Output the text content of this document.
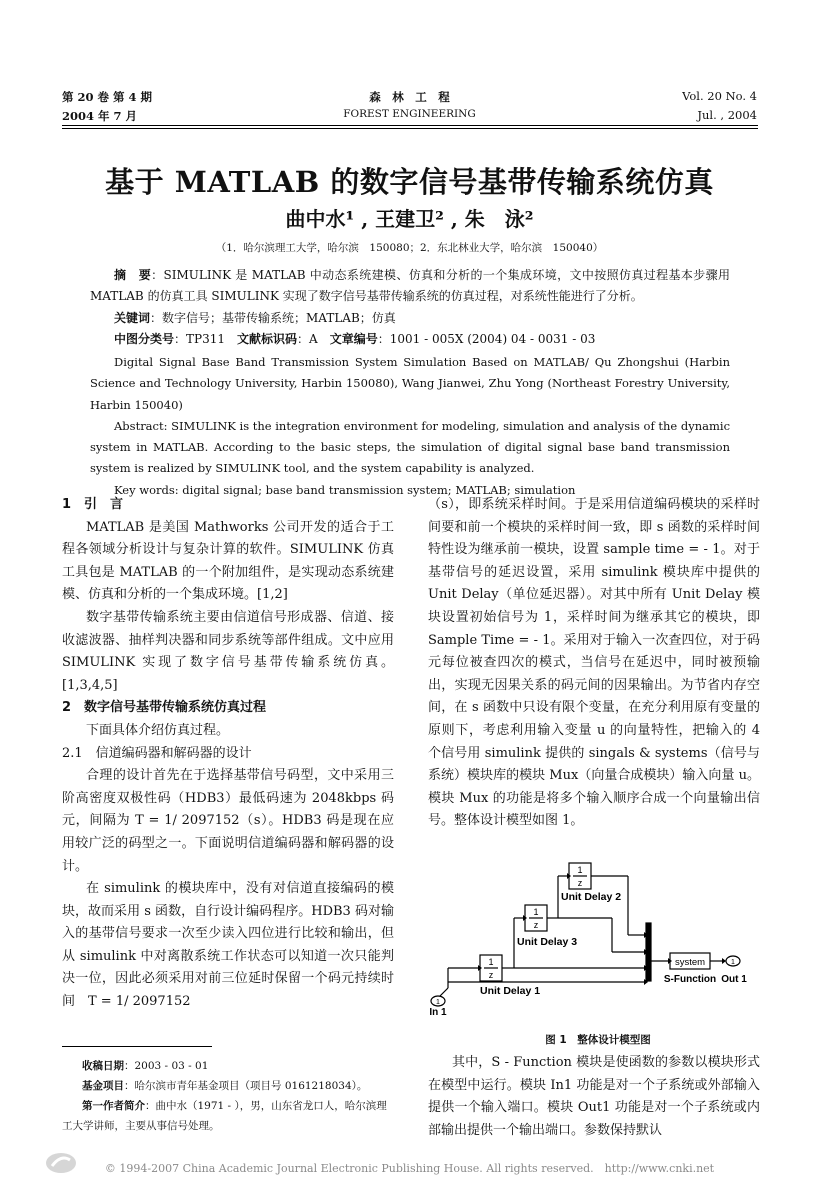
第 20 卷 第 4 期	森　林　工　程	Vol. 20 No. 4
2004 年 7 月	FOREST ENGINEERING	Jul. , 2004
基于 MATLAB 的数字信号基带传输系统仿真
曲中水¹ , 王建卫² , 朱　泳²
（1．哈尔滨理工大学，哈尔滨　150080；2．东北林业大学，哈尔滨　150040）

摘　要：SIMULINK 是 MATLAB 中动态系统建模、仿真和分析的一个集成环境，文中按照仿真过程基本步骤用 MATLAB 的仿真工具 SIMULINK 实现了数字信号基带传输系统的仿真过程，对系统性能进行了分析。

关键词：数字信号；基带传输系统；MATLAB；仿真

中图分类号：TP311　 文献标识码：A　 文章编号：1001 - 005X (2004) 04 - 0031 - 03

Digital Signal Base Band Transmission System Simulation Based on MATLAB/ Qu Zhongshui (Harbin Science and Technology University, Harbin 150080), Wang Jianwei, Zhu Yong (Northeast Forestry University, Harbin 150040)

Abstract: SIMULINK is the integration environment for modeling, simulation and analysis of the dynamic system in MATLAB. According to the basic steps, the simulation of digital signal base band transmission system is realized by SIMULINK tool, and the system capability is analyzed.

Key words: digital signal; base band transmission system; MATLAB; simulation

1　引　言

MATLAB 是美国 Mathworks 公司开发的适合于工程各领域分析设计与复杂计算的软件。SIMULINK 仿真工具包是 MATLAB 的一个附加组件，是实现动态系统建模、仿真和分析的一个集成环境。[1,2]

数字基带传输系统主要由信道信号形成器、信道、接收滤波器、抽样判决器和同步系统等部件组成。文中应用 SIMULINK 实现了数字信号基带传输系统仿真。[1,3,4,5]

2　数字信号基带传输系统仿真过程

下面具体介绍仿真过程。

2.1　信道编码器和解码器的设计

合理的设计首先在于选择基带信号码型，文中采用三阶高密度双极性码（HDB3）最低码速为 2048kbps 码元，间隔为 T = 1/ 2097152（s）。HDB3 码是现在应用较广泛的码型之一。下面说明信道编码器和解码器的设计。

在 simulink 的模块库中，没有对信道直接编码的模块，故而采用 s 函数，自行设计编码程序。HDB3 码对输入的基带信号要求一次至少读入四位进行比较和输出，但从 simulink 中对离散系统工作状态可以知道一次只能判决一位，因此必须采用对前三位延时保留一个码元持续时间　T = 1/ 2097152

（s），即系统采样时间。于是采用信道编码模块的采样时间要和前一个模块的采样时间一致，即 s 函数的采样时间特性设为继承前一模块，设置 sample time = - 1。对于基带信号的延迟设置，采用 simulink 模块库中提供的 Unit Delay（单位延迟器）。对其中所有 Unit Delay 模块设置初始信号为 1，采样时间为继承其它的模块，即 Sample Time = - 1。采用对于输入一次查四位，对于码元每位被查四次的模式，当信号在延迟中，同时被预输出，实现无因果关系的码元间的因果输出。为节省内存空间，在 s 函数中只设有限个变量，在充分利用原有变量的原则下，考虑利用输入变量 u 的向量特性，把输入的 4 个信号用 simulink 提供的 singals & systems（信号与系统）模块库的模块 Mux（向量合成模块）输入向量 u。模块 Mux 的功能是将多个输入顺序合成一个向量输出信号。整体设计模型如图 1。

1
z
1
z
1
z
Unit Delay 2
Unit Delay 3
Unit Delay 1
system
S-Function Out 1
In 1
1
1
图 1　整体设计模型图

其中，S - Function 模块是使函数的参数以模块形式在模型中运行。模块 In1 功能是对一个子系统或外部输入提供一个输入端口。模块 Out1 功能是对一个子系统或内部输出提供一个输出端口。参数保持默认

收稿日期：2003 - 03 - 01

基金项目：哈尔滨市青年基金项目（项目号 0161218034）。

第一作者简介：曲中水（1971 - ），男，山东省龙口人，哈尔滨理工大学讲师，主要从事信号处理。

© 1994-2007 China Academic Journal Electronic Publishing House. All rights reserved.　http://www.cnki.net
